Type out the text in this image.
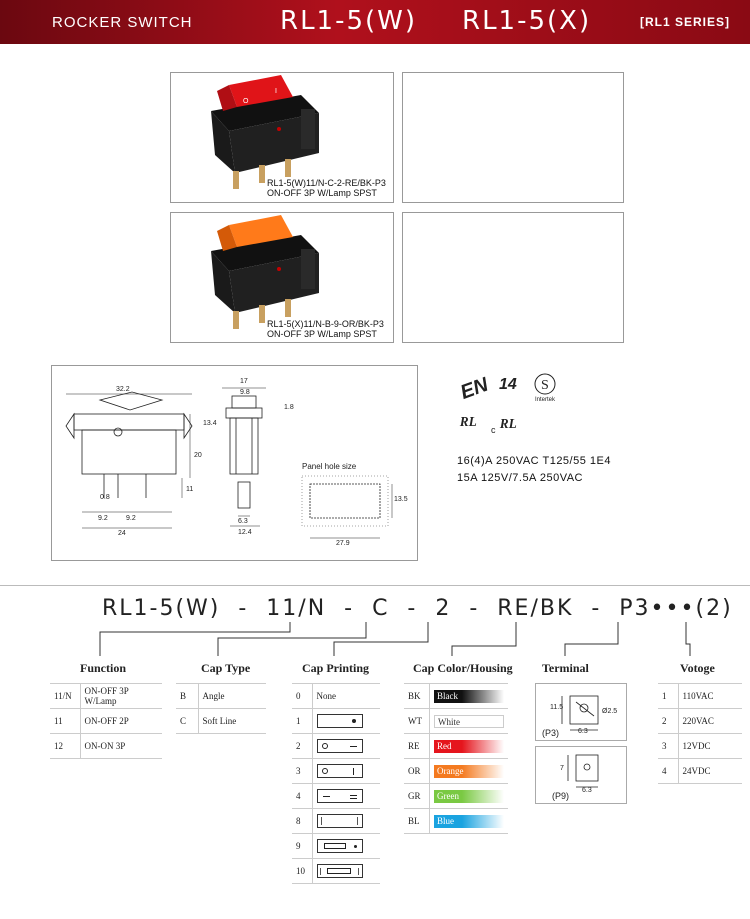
ROCKER SWITCH	RL1-5(W) RL1-5(X)	[RL1 SERIES]
O
I
RL1-5(W)11/N-C-2-RE/BK-P3
ON-OFF 3P W/Lamp SPST
RL1-5(X)11/N-B-9-OR/BK-P3
ON-OFF 3P W/Lamp SPST
32.2
17
9.8
1.8
13.4
20
11
0.8
9.2	9.2
24
6.3
12.4
13.5
27.9
Panel hole size
EN	S
ᴿᴸ ᴿᴸ
14
Intertek
c
16(4)A 250VAC T125/55 1E4
15A 125V/7.5A 250VAC
RL1-5(W)  -  11/N  -  C  -  2  -  RE/BK  -  P3•••(2)
Function
11/N	ON-OFF 3P W/Lamp
11	ON-OFF 2P
12	ON-ON 3P
Cap Type
B	Angle
C	Soft Line
Cap Printing
0	None
1	

2	

3	

4	

8	

9	

10	
Cap Color/Housing
BK	Black
WT	White
RE	Red
OR	Orange
GR	Green
BL	Blue
Terminal
11.5
Ø2.5
6.3
(P3)
7
6.3
(P9)
Votoge
1	110VAC
2	220VAC
3	12VDC
4	24VDC
